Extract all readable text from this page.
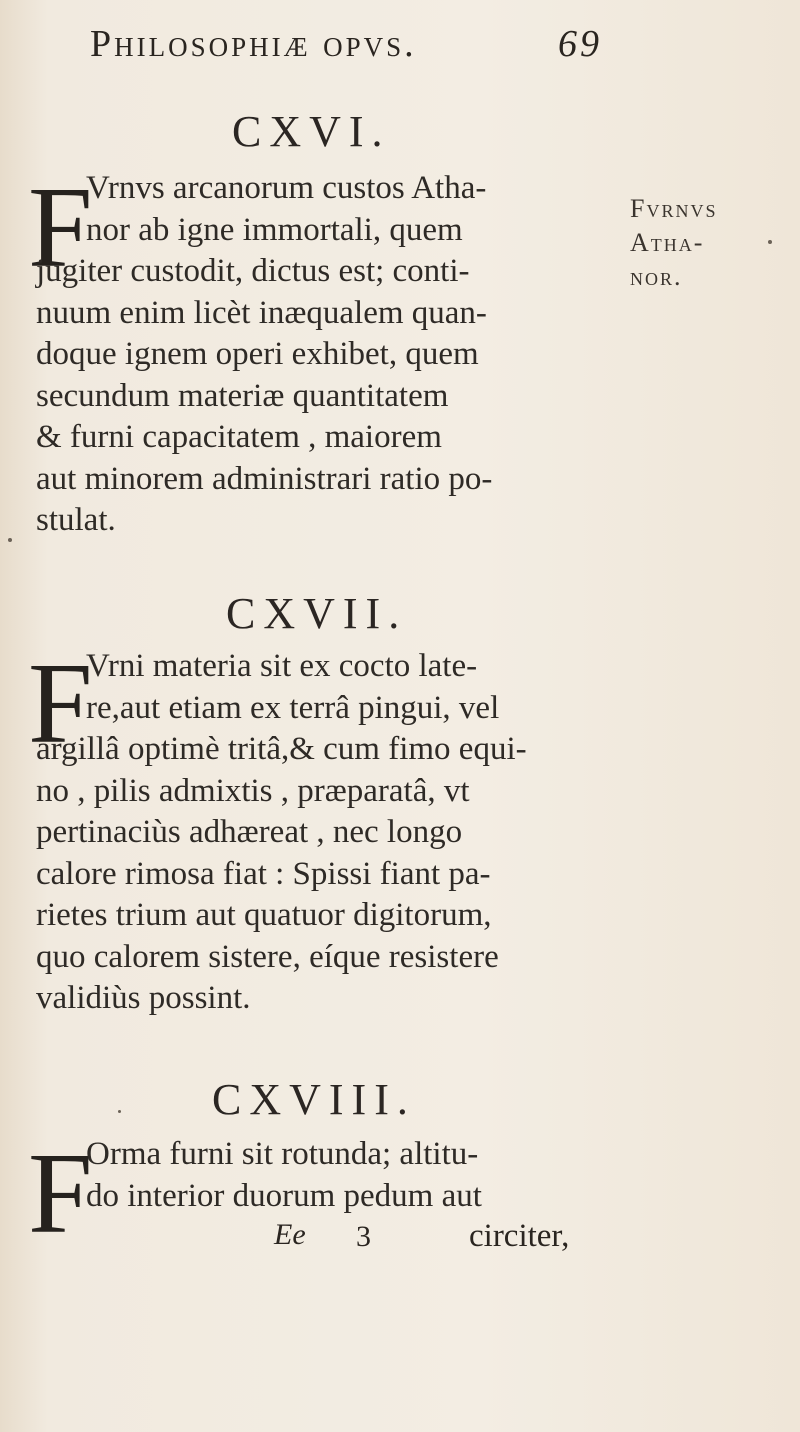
Philosophiæ opvs.	69
CXVI.
F
Vrnvs arcanorum custos Atha-
nor ab igne immortali, quem
jugiter custodit, dictus est; conti-
nuum enim licèt inæqualem quan-
doque ignem operi exhibet, quem
secundum materiæ quantitatem
& furni capacitatem , maiorem
aut minorem administrari ratio po-
stulat.
Fvrnvs
Atha-
nor.
CXVII.
F
Vrni materia sit ex cocto late-
re,aut etiam ex terrâ pingui, vel
argillâ optimè tritâ,& cum fimo equi-
no , pilis admixtis , præparatâ, vt
pertinaciùs adhæreat , nec longo
calore rimosa fiat : Spissi fiant pa-
rietes trium aut quatuor digitorum,
quo calorem sistere, eíque resistere
validiùs possint.
CXVIII.
F
Orma furni sit rotunda; altitu-
do interior duorum pedum aut
Ee 3	circiter,
